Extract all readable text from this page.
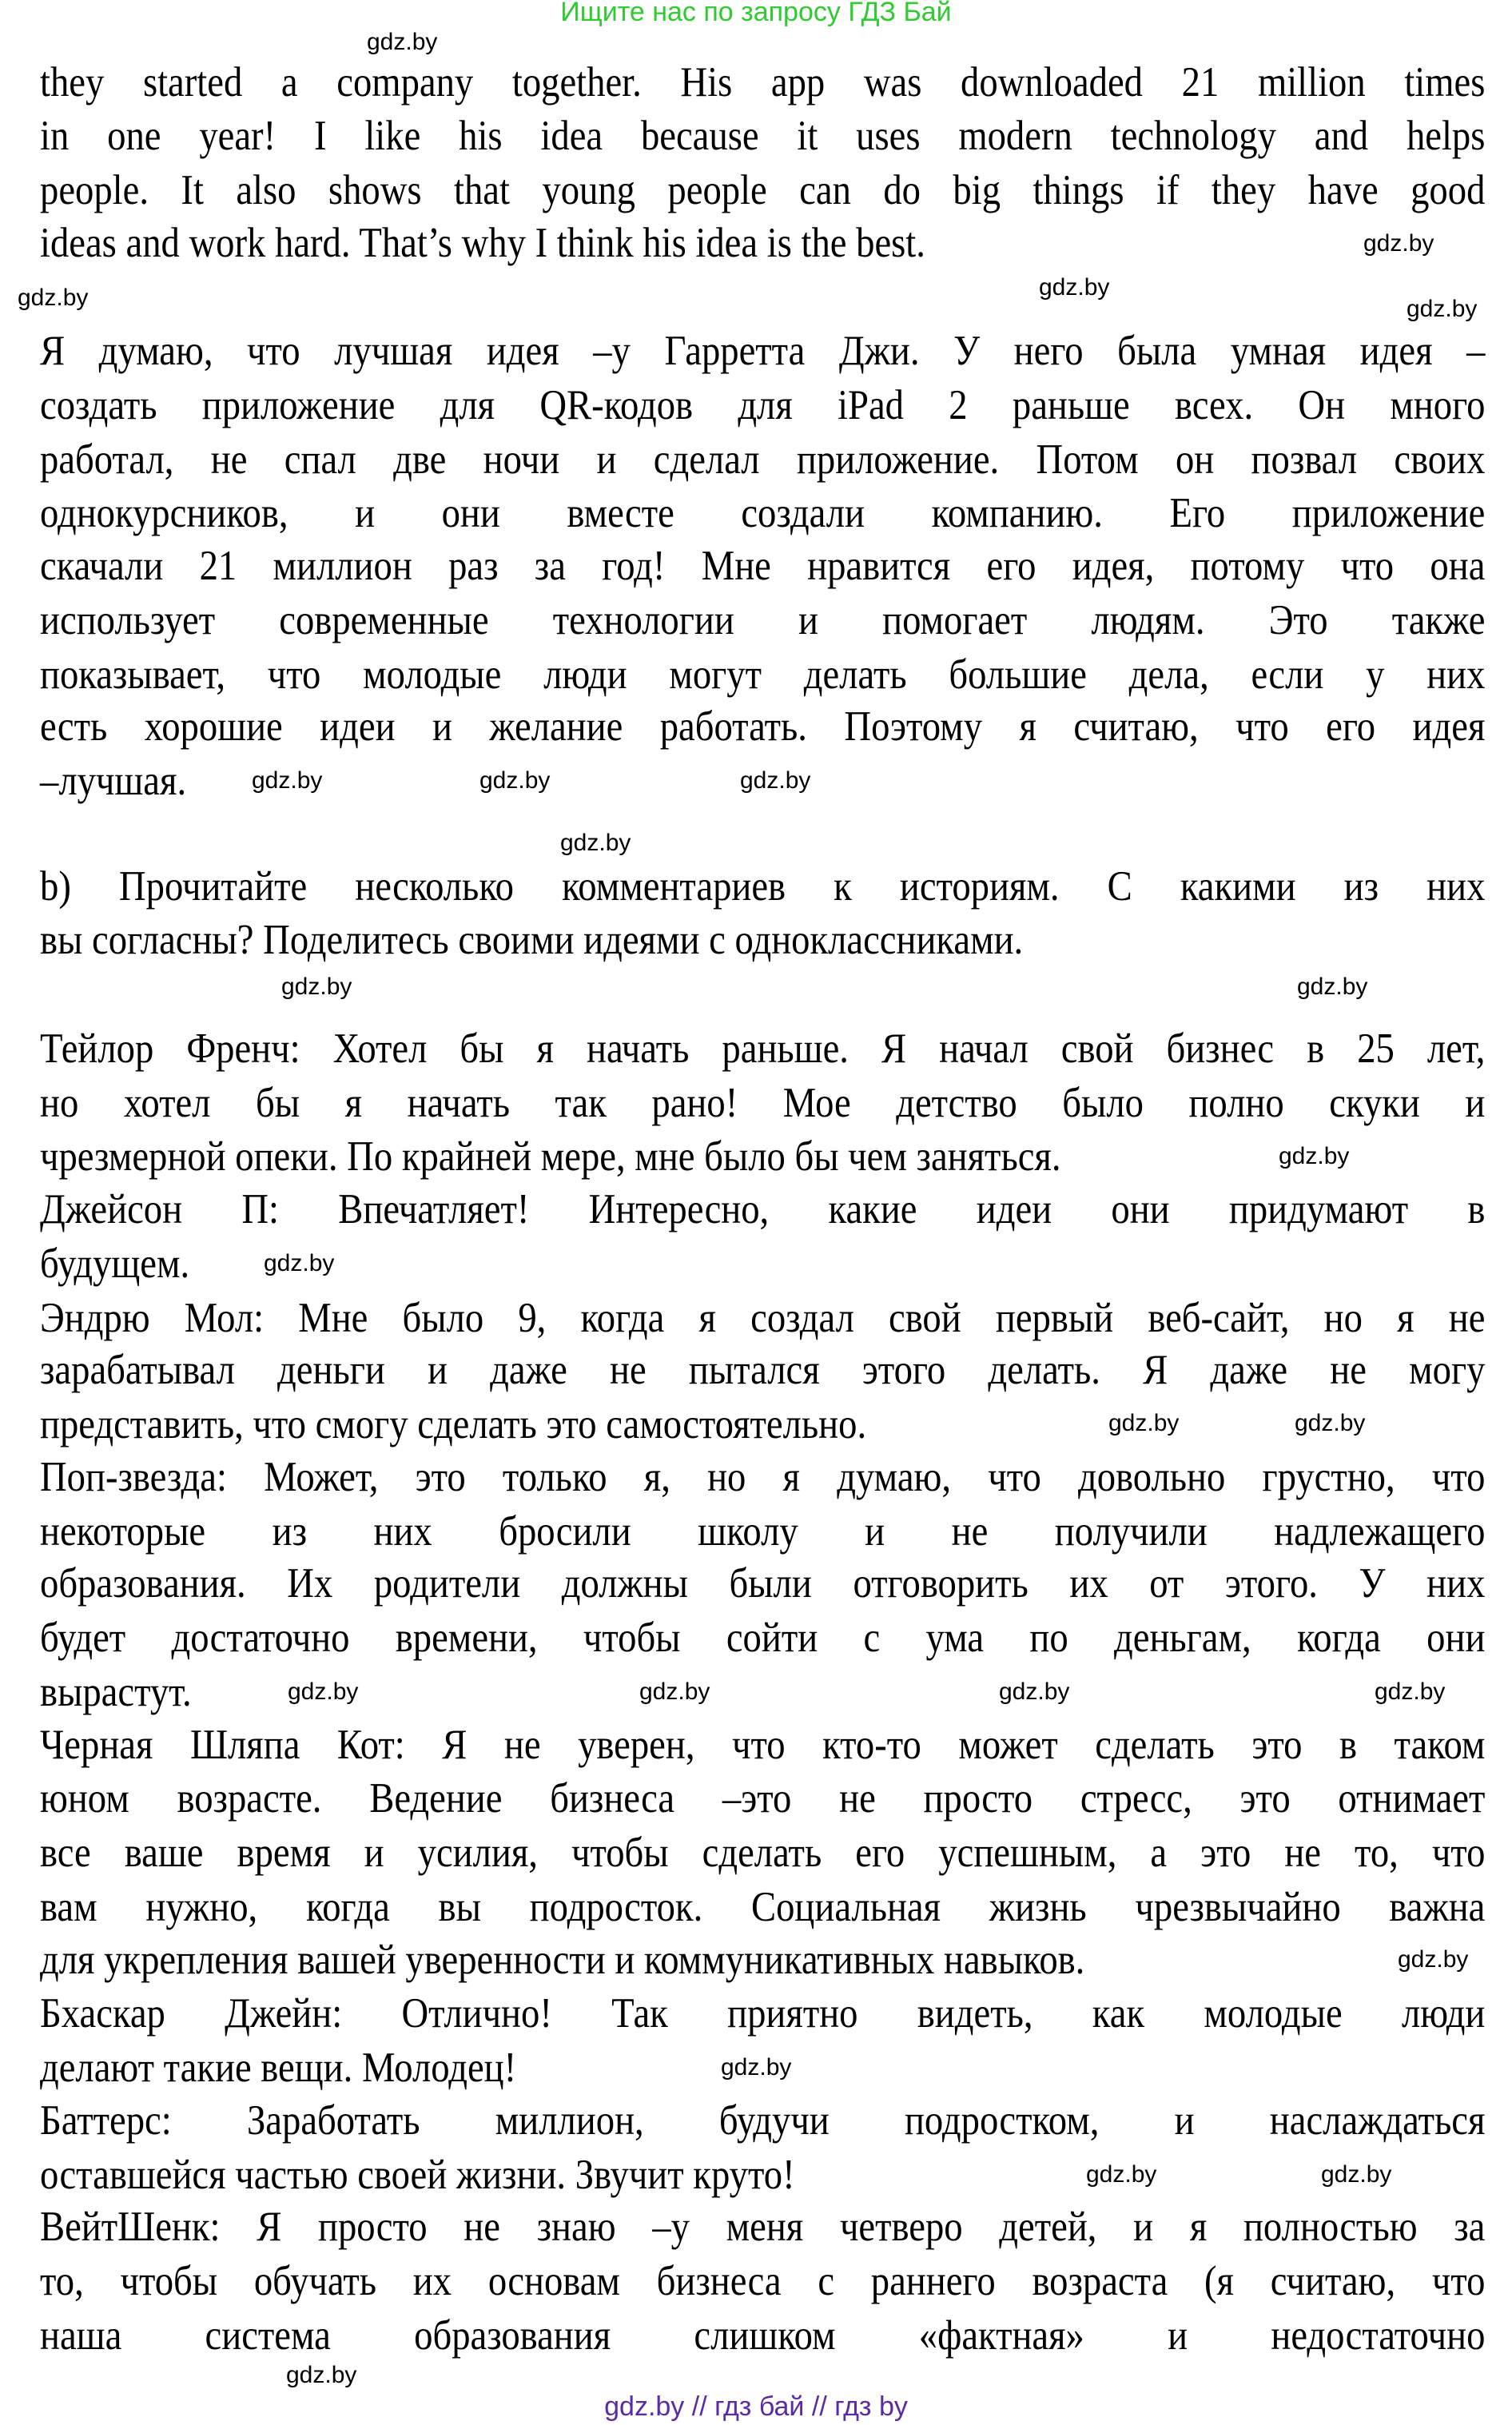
Ищите нас по запросу ГДЗ Бай
they started a company together. His app was downloaded 21 million times
in one year! I like his idea because it uses modern technology and helps
people. It also shows that young people can do big things if they have good
ideas and work hard. That’s why I think his idea is the best.
Я думаю, что лучшая идея –у Гарретта Джи. У него была умная идея –
создать приложение для QR-кодов для iPad 2 раньше всех. Он много
работал, не спал две ночи и сделал приложение. Потом он позвал своих
однокурсников, и они вместе создали компанию. Его приложение
скачали 21 миллион раз за год! Мне нравится его идея, потому что она
использует современные технологии и помогает людям. Это также
показывает, что молодые люди могут делать большие дела, если у них
есть хорошие идеи и желание работать. Поэтому я считаю, что его идея
–лучшая.
b) Прочитайте несколько комментариев к историям. С какими из них
вы согласны? Поделитесь своими идеями с одноклассниками.
Тейлор Френч: Хотел бы я начать раньше. Я начал свой бизнес в 25 лет,
но хотел бы я начать так рано! Мое детство было полно скуки и
чрезмерной опеки. По крайней мере, мне было бы чем заняться.
Джейсон П: Впечатляет! Интересно, какие идеи они придумают в
будущем.
Эндрю Мол: Мне было 9, когда я создал свой первый веб-сайт, но я не
зарабатывал деньги и даже не пытался этого делать. Я даже не могу
представить, что смогу сделать это самостоятельно.
Поп-звезда: Может, это только я, но я думаю, что довольно грустно, что
некоторые из них бросили школу и не получили надлежащего
образования. Их родители должны были отговорить их от этого. У них
будет достаточно времени, чтобы сойти с ума по деньгам, когда они
вырастут.
Черная Шляпа Кот: Я не уверен, что кто-то может сделать это в таком
юном возрасте. Ведение бизнеса –это не просто стресс, это отнимает
все ваше время и усилия, чтобы сделать его успешным, а это не то, что
вам нужно, когда вы подросток. Социальная жизнь чрезвычайно важна
для укрепления вашей уверенности и коммуникативных навыков.
Бхаскар Джейн: Отлично! Так приятно видеть, как молодые люди
делают такие вещи. Молодец!
Баттерс: Заработать миллион, будучи подростком, и наслаждаться
оставшейся частью своей жизни. Звучит круто!
ВейтШенк: Я просто не знаю –у меня четверо детей, и я полностью за
то, чтобы обучать их основам бизнеса с раннего возраста (я считаю, что
наша система образования слишком «фактная» и недостаточно
gdz.by
gdz.by
gdz.by	gdz.by
gdz.by
gdz.by	gdz.by
gdz.by
gdz.by
gdz.by
gdz.by
gdz.by
gdz.by
gdz.by	gdz.by
gdz.by
gdz.by	gdz.by	gdz.by
gdz.by
gdz.by
gdz.by	gdz.by
gdz.by
gdz.by // гдз бай // гдз by
